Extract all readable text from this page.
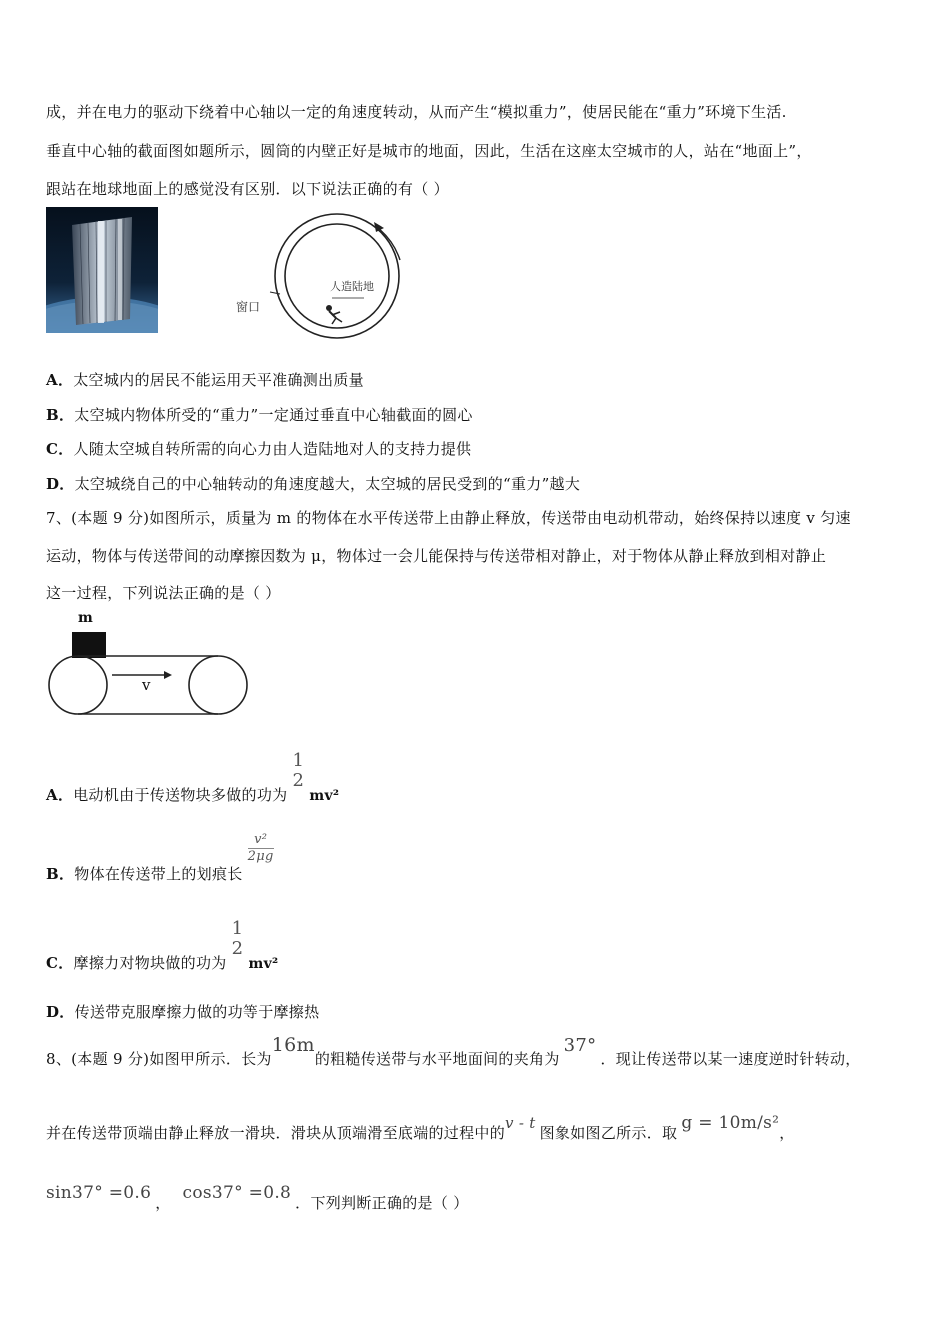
成，并在电力的驱动下绕着中心轴以一定的角速度转动，从而产生“模拟重力”，使居民能在“重力”环境下生活.
垂直中心轴的截面图如题所示，圆筒的内壁正好是城市的地面，因此，生活在这座太空城市的人，站在“地面上”，
跟站在地球地面上的感觉没有区别．以下说法正确的有（ ）
窗口
人造陆地
A．太空城内的居民不能运用天平准确测出质量
B．太空城内物体所受的“重力”一定通过垂直中心轴截面的圆心
C．人随太空城自转所需的向心力由人造陆地对人的支持力提供
D．太空城绕自己的中心轴转动的角速度越大，太空城的居民受到的“重力”越大
7、(本题 9 分)如图所示，质量为 m 的物体在水平传送带上由静止释放，传送带由电动机带动，始终保持以速度 v 匀速
运动，物体与传送带间的动摩擦因数为 μ，物体过一会儿能保持与传送带相对静止，对于物体从静止释放到相对静止
这一过程，下列说法正确的是（ ）
m
v
A．电动机由于传送物块多做的功为
1
2
mv²
B．物体在传送带上的划痕长
$\frac{\text{v²}}{2\mu g}$
C．摩擦力对物块做的功为
1
2
mv²
D．传送带克服摩擦力做的功等于摩擦热
8、(本题 9 分)如图甲所示．长为16m的粗糙传送带与水平地面间的夹角为37°．现让传送带以某一速度逆时针转动，
并在传送带顶端由静止释放一滑块．滑块从顶端滑至底端的过程中的v - t图象如图乙所示．取 g = 10m/s²，
sin37° =0.6 ， cos37° =0.8 ．下列判断正确的是（ ）
